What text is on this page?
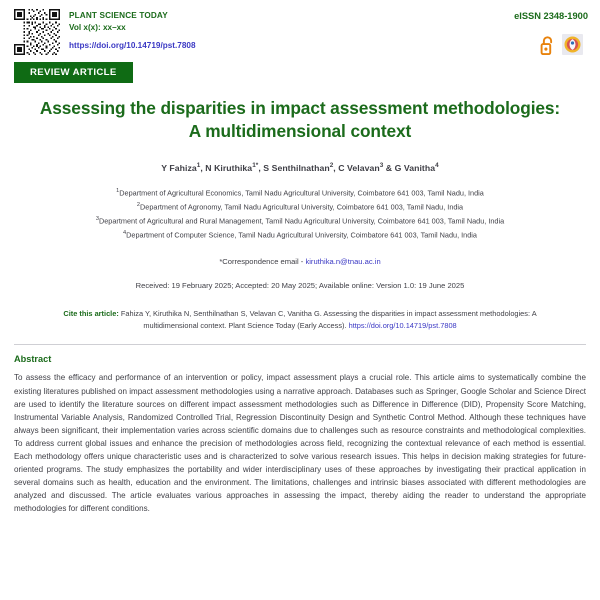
PLANT SCIENCE TODAY
Vol x(x): xx–xx
https://doi.org/10.14719/pst.7808
eISSN 2348-1900
REVIEW ARTICLE
Assessing the disparities in impact assessment methodologies: A multidimensional context
Y Fahiza$^1$, N Kiruthika$^{1*}$, S Senthilnathan$^2$, C Velavan$^3$ & G Vanitha$^4$
$^1$Department of Agricultural Economics, Tamil Nadu Agricultural University, Coimbatore 641 003, Tamil Nadu, India
$^2$Department of Agronomy, Tamil Nadu Agricultural University, Coimbatore 641 003, Tamil Nadu, India
$^3$Department of Agricultural and Rural Management, Tamil Nadu Agricultural University, Coimbatore 641 003, Tamil Nadu, India
$^4$Department of Computer Science, Tamil Nadu Agricultural University, Coimbatore 641 003, Tamil Nadu, India
*Correspondence email - kiruthika.n@tnau.ac.in
Received: 19 February 2025; Accepted: 20 May 2025; Available online: Version 1.0: 19 June 2025
Cite this article: Fahiza Y, Kiruthika N, Senthilnathan S, Velavan C, Vanitha G. Assessing the disparities in impact assessment methodologies: A multidimensional context. Plant Science Today (Early Access). https://doi.org/10.14719/pst.7808
Abstract
To assess the efficacy and performance of an intervention or policy, impact assessment plays a crucial role. This article aims to systematically combine the existing literatures published on impact assessment methodologies using a narrative approach. Databases such as Springer, Google Scholar and Science Direct are used to identify the literature sources on different impact assessment methodologies such as Difference in Difference (DID), Propensity Score Matching, Instrumental Variable Analysis, Randomized Controlled Trial, Regression Discontinuity Design and Synthetic Control Method. Although these techniques have always been significant, their implementation varies across scientific domains due to challenges such as resource constraints and methodological complexities. To address current global issues and enhance the precision of methodologies across field, recognizing the contextual relevance of each method is essential. Each methodology offers unique characteristic uses and is characterized to solve various research issues. This helps in decision making strategies for future-oriented programs. The study emphasizes the portability and wider interdisciplinary uses of these approaches by investigating their practical application in several domains such as health, education and the environment. The limitations, challenges and intrinsic biases associated with different methodologies are analyzed and discussed. The article evaluates various approaches in assessing the impact, thereby aiding the reader to understand the appropriate methodologies for different conditions.
